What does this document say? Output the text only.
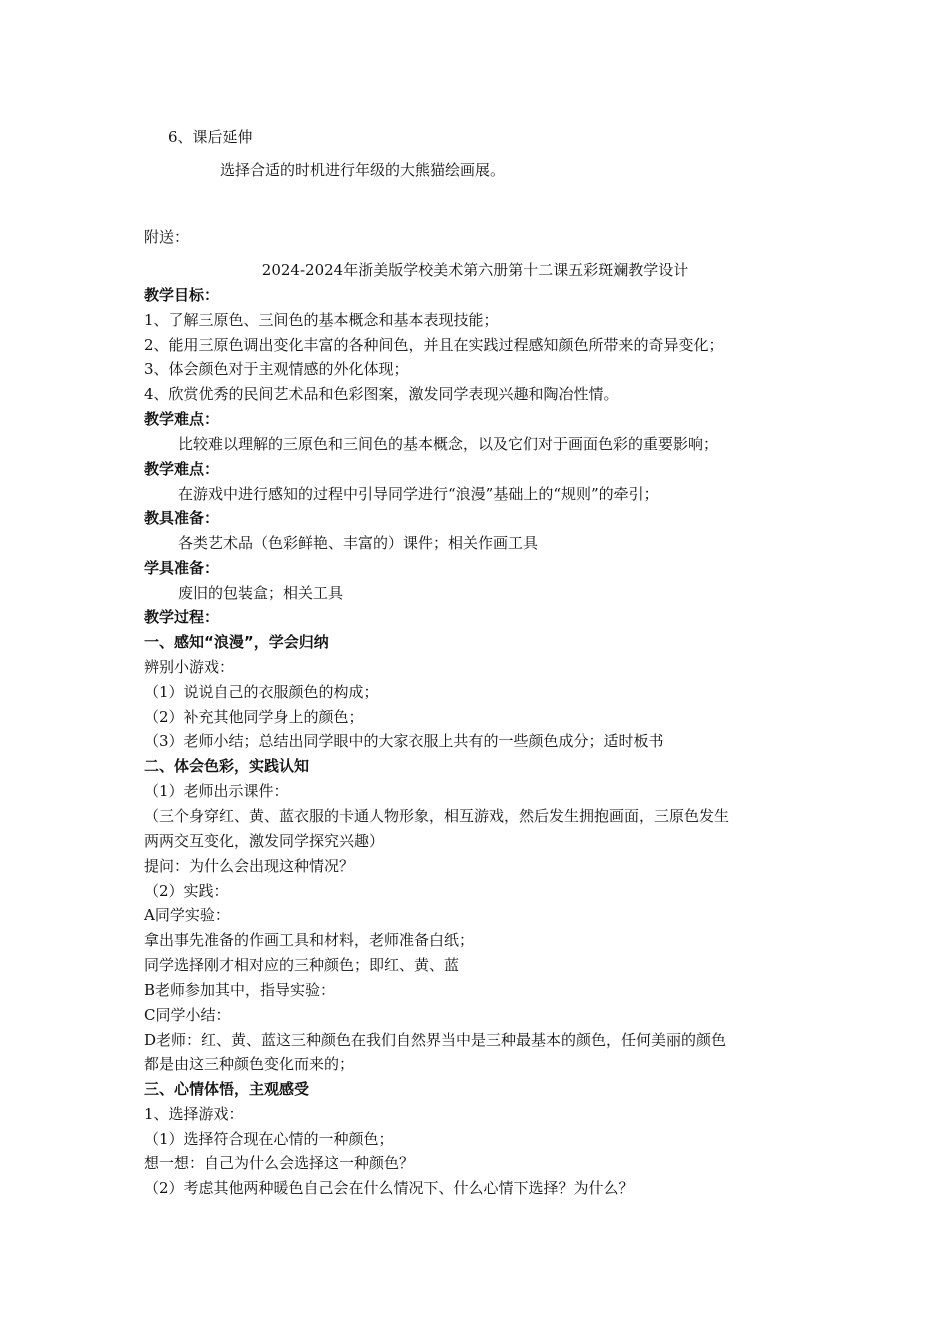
6、课后延伸
选择合适的时机进行年级的大熊猫绘画展。
附送：
2024-2024年浙美版学校美术第六册第十二课五彩斑斓教学设计
教学目标：
1、了解三原色、三间色的基本概念和基本表现技能；
2、能用三原色调出变化丰富的各种间色，并且在实践过程感知颜色所带来的奇异变化；
3、体会颜色对于主观情感的外化体现；
4、欣赏优秀的民间艺术品和色彩图案，激发同学表现兴趣和陶冶性情。
教学难点：
比较难以理解的三原色和三间色的基本概念，以及它们对于画面色彩的重要影响；
教学难点：
在游戏中进行感知的过程中引导同学进行“浪漫”基础上的“规则”的牵引；
教具准备：
各类艺术品（色彩鲜艳、丰富的）课件；相关作画工具
学具准备：
废旧的包装盒；相关工具
教学过程：
一、感知“浪漫”，学会归纳
辨别小游戏：
（1）说说自己的衣服颜色的构成；
（2）补充其他同学身上的颜色；
（3）老师小结；总结出同学眼中的大家衣服上共有的一些颜色成分；适时板书
二、体会色彩，实践认知
（1）老师出示课件：
（三个身穿红、黄、蓝衣服的卡通人物形象，相互游戏，然后发生拥抱画面，三原色发生
两两交互变化，激发同学探究兴趣）
提问：为什么会出现这种情况？
（2）实践：
A同学实验：
拿出事先准备的作画工具和材料，老师准备白纸；
同学选择刚才相对应的三种颜色；即红、黄、蓝
B老师参加其中，指导实验：
C同学小结：
D老师：红、黄、蓝这三种颜色在我们自然界当中是三种最基本的颜色，任何美丽的颜色
都是由这三种颜色变化而来的；
三、心情体悟，主观感受
1、选择游戏：
（1）选择符合现在心情的一种颜色；
想一想：自己为什么会选择这一种颜色？
（2）考虑其他两种暖色自己会在什么情况下、什么心情下选择？为什么？
